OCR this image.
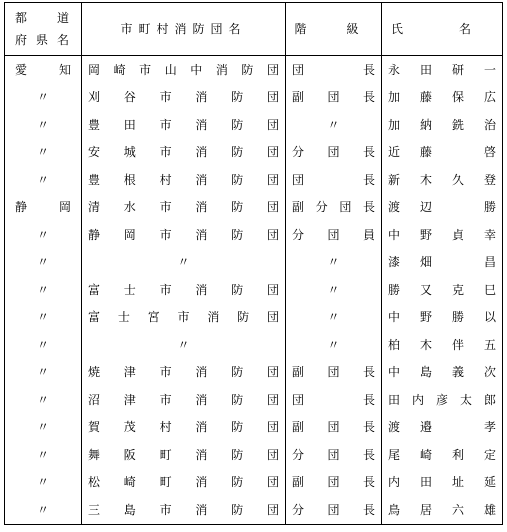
都　道
府県名	市町村消防団名	階　級	氏　名

愛　知	岡崎市山中消防団	団　　長	永田研一

〃	刈谷市消防団	副団長	加藤保広

〃	豊田市消防団	〃	加納銑治

〃	安城市消防団	分団長	近藤　啓

〃	豊根村消防団	団　　長	新木久登

静　岡	清水市消防団	副分団長	渡辺　勝

〃	静岡市消防団	分団員	中野貞幸

〃	〃	〃	漆畑　昌

〃	富士市消防団	〃	勝又克巳

〃	富士宮市消防団	〃	中野勝以

〃	〃	〃	柏木伴五

〃	焼津市消防団	副団長	中島義次

〃	沼津市消防団	団　　長	田内彦太郎

〃	賀茂村消防団	副団長	渡邉　孝

〃	舞阪町消防団	分団長	尾崎利定

〃	松崎町消防団	副団長	内田址延

〃	三島市消防団	分団長	鳥居六雄
